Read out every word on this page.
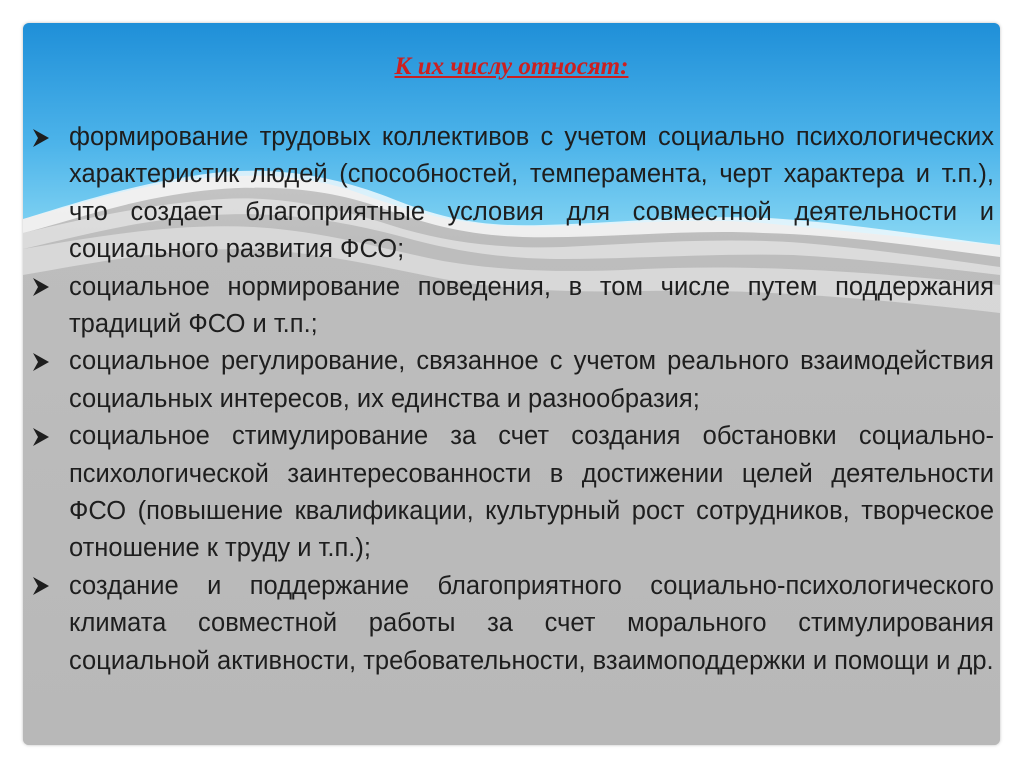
К их числу относят:
формирование трудовых коллективов с учетом социально психологических характеристик людей (способностей, темперамента, черт характера и т.п.), что создает благоприятные условия для совместной деятельности и социального развития ФСО;
социальное нормирование поведения, в том числе путем поддержания традиций ФСО и т.п.;
социальное регулирование, связанное с учетом реального взаимодействия социальных интересов, их единства и разнообразия;
социальное стимулирование за счет создания обстановки социально-психологической заинтересованности в достижении целей деятельности ФСО (повышение квалификации, культурный рост сотрудников, творческое отношение к труду и т.п.);
создание и поддержание благоприятного социально-психологического климата совместной работы за счет морального стимулирования социальной активности, требовательности, взаимоподдержки и помощи и др.
